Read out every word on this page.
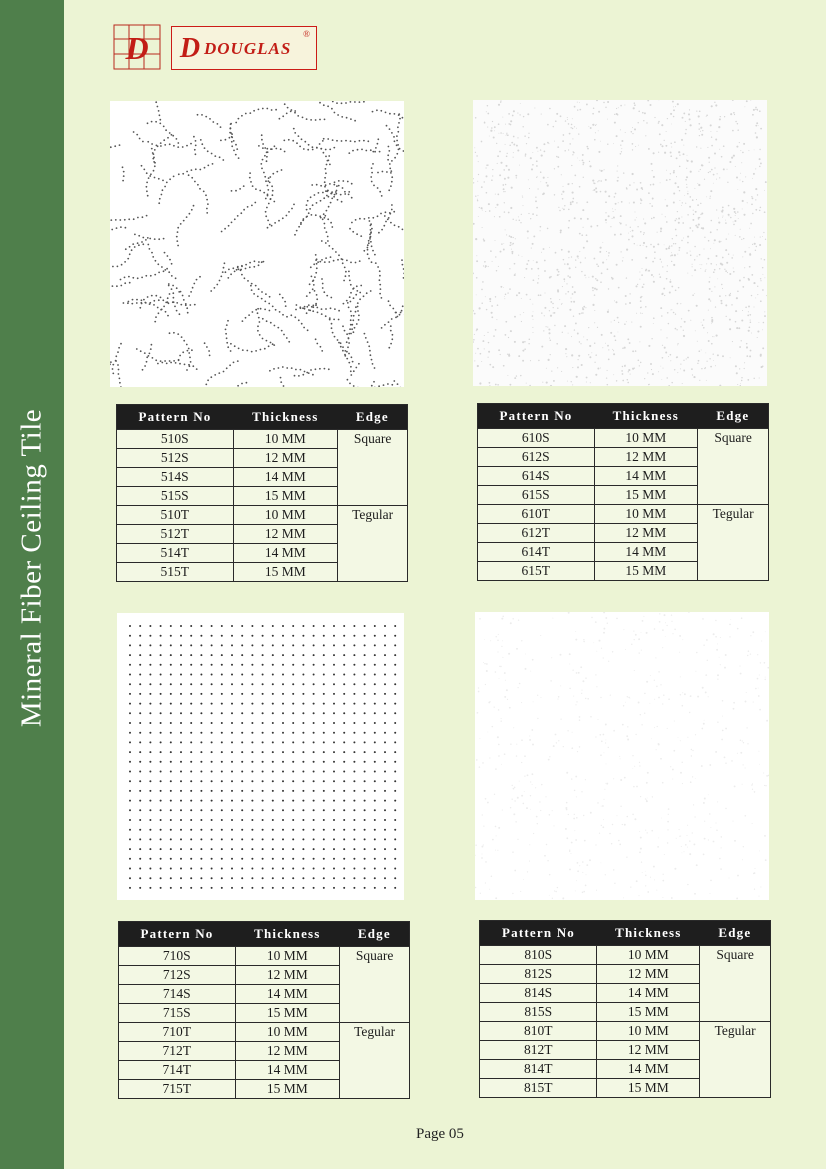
Mineral Fiber Ceiling Tile
D D DOUGLAS
®
Pattern No	Thickness	Edge
510S	10 MM	Square
512S	12 MM	
514S	14 MM	
515S	15 MM	
510T	10 MM	Tegular
512T	12 MM	
514T	14 MM	
515T	15 MM	
Pattern No	Thickness	Edge
610S	10 MM	Square
612S	12 MM	
614S	14 MM	
615S	15 MM	
610T	10 MM	Tegular
612T	12 MM	
614T	14 MM	
615T	15 MM	
Pattern No	Thickness	Edge
710S	10 MM	Square
712S	12 MM	
714S	14 MM	
715S	15 MM	
710T	10 MM	Tegular
712T	12 MM	
714T	14 MM	
715T	15 MM	
Pattern No	Thickness	Edge
810S	10 MM	Square
812S	12 MM	
814S	14 MM	
815S	15 MM	
810T	10 MM	Tegular
812T	12 MM	
814T	14 MM	
815T	15 MM	
Page 05
